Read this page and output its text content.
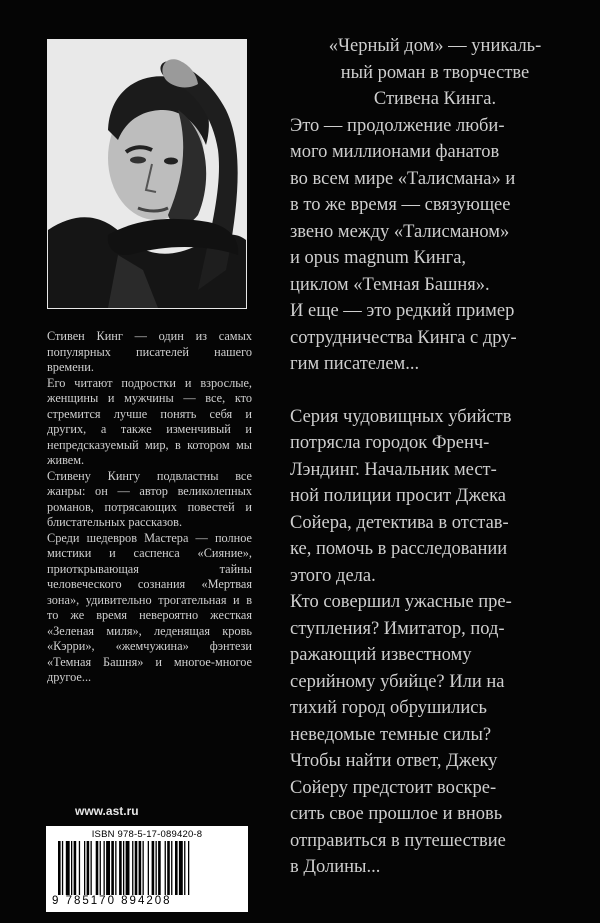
Стивен Кинг — один из самых популярных писателей нашего времени.

Его читают подростки и взрослые, женщины и мужчины — все, кто стремится лучше понять себя и других, а также изменчивый и непредсказуемый мир, в котором мы живем.

Стивену Кингу подвластны все жанры: он — автор великолепных романов, потрясающих повестей и блистательных рассказов.

Среди шедевров Мастера — полное мистики и саспенса «Сияние», приоткрывающая тайны человеческого сознания «Мертвая зона», удивительно трогательная и в то же время невероятно жесткая «Зеленая миля», леденящая кровь «Кэрри», «жемчужина» фэнтези «Темная Башня» и многое-многое другое...

www.ast.ru
ISBN 978-5-17-089420-8
9 785170 894208

«Черный дом» — уникаль-
ный роман в творчестве
Стивена Кинга.

Это — продолжение люби-
мого миллионами фанатов
во всем мире «Талисмана» и
в то же время — связующее
звено между «Талисманом»
и opus magnum Кинга,
циклом «Темная Башня».

И еще — это редкий пример
сотрудничества Кинга с дру-
гим писателем...

Серия чудовищных убийств
потрясла городок Френч-
Лэндинг. Начальник мест-
ной полиции просит Джека
Сойера, детектива в отстав-
ке, помочь в расследовании
этого дела.

Кто совершил ужасные пре-
ступления? Имитатор, под-
ражающий известному
серийному убийце? Или на
тихий город обрушились
неведомые темные силы?

Чтобы найти ответ, Джеку
Сойеру предстоит воскре-
сить свое прошлое и вновь
отправиться в путешествие
в Долины...
